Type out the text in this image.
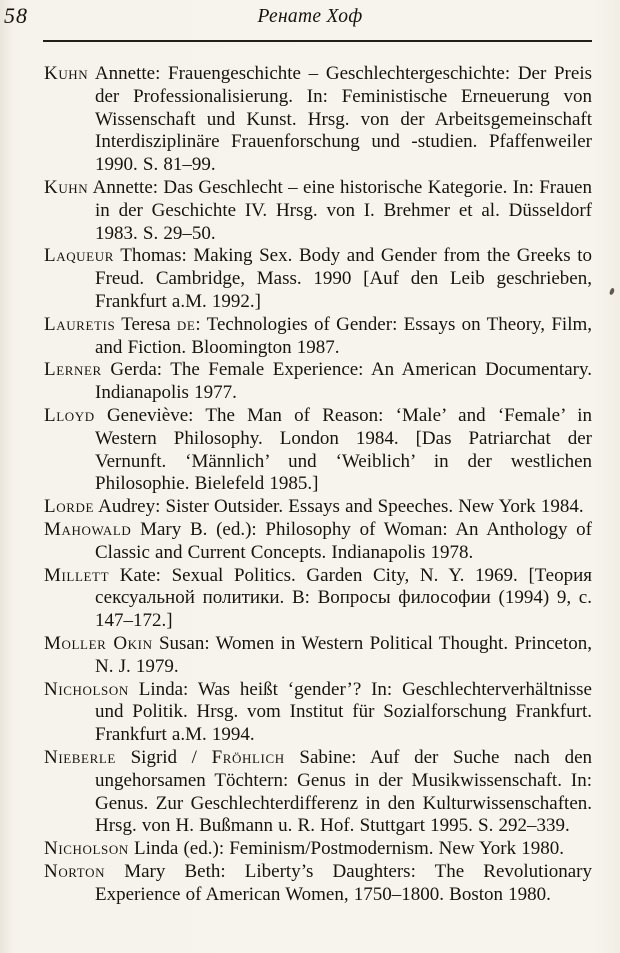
58	Ренате Хоф

Kuhn Annette: Frauengeschichte – Geschlechtergeschichte: Der Preis der Professionalisierung. In: Feministische Erneuerung von Wissenschaft und Kunst. Hrsg. von der Arbeitsgemeinschaft Interdisziplinäre Frauenforschung und -studien. Pfaffenweiler 1990. S. 81–99.

Kuhn Annette: Das Geschlecht – eine historische Kategorie. In: Frauen in der Geschichte IV. Hrsg. von I. Brehmer et al. Düsseldorf 1983. S. 29–50.

Laqueur Thomas: Making Sex. Body and Gender from the Greeks to Freud. Cambridge, Mass. 1990 [Auf den Leib geschrieben, Frankfurt a.M. 1992.]

Lauretis Teresa de: Technologies of Gender: Essays on Theory, Film, and Fiction. Bloomington 1987.

Lerner Gerda: The Female Experience: An American Documentary. Indianapolis 1977.

Lloyd Geneviève: The Man of Reason: ‘Male’ and ‘Female’ in Western Philosophy. London 1984. [Das Patriarchat der Vernunft. ‘Männlich’ und ‘Weiblich’ in der westlichen Philosophie. Bielefeld 1985.]

Lorde Audrey: Sister Outsider. Essays and Speeches. New York 1984.

Mahowald Mary B. (ed.): Philosophy of Woman: An Anthology of Classic and Current Concepts. Indianapolis 1978.

Millett Kate: Sexual Politics. Garden City, N. Y. 1969. [Теория сексуальной политики. В: Вопросы философии (1994) 9, с. 147–172.]

Moller Okin Susan: Women in Western Political Thought. Princeton, N. J. 1979.

Nicholson Linda: Was heißt ‘gender’? In: Geschlechterverhältnisse und Politik. Hrsg. vom Institut für Sozialforschung Frankfurt. Frankfurt a.M. 1994.

Nieberle Sigrid / Fröhlich Sabine: Auf der Suche nach den ungehorsamen Töchtern: Genus in der Musikwissenschaft. In: Genus. Zur Geschlechterdifferenz in den Kulturwissenschaften. Hrsg. von H. Bußmann u. R. Hof. Stuttgart 1995. S. 292–339.

Nicholson Linda (ed.): Feminism/Postmodernism. New York 1980.

Norton Mary Beth: Liberty’s Daughters: The Revolutionary Experience of American Women, 1750–1800. Boston 1980.
